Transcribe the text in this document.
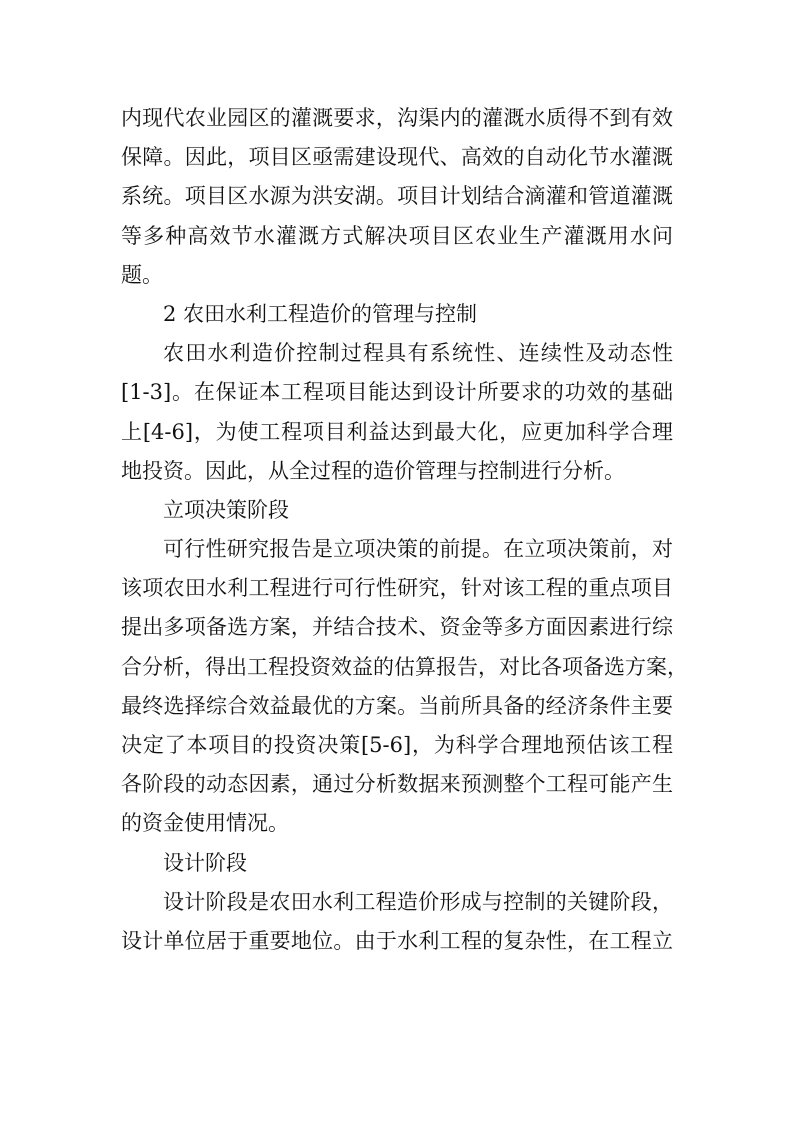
内现代农业园区的灌溉要求，沟渠内的灌溉水质得不到有效
保障。因此，项目区亟需建设现代、高效的自动化节水灌溉
系统。项目区水源为洪安湖。项目计划结合滴灌和管道灌溉
等多种高效节水灌溉方式解决项目区农业生产灌溉用水问
题。
2 农田水利工程造价的管理与控制
农田水利造价控制过程具有系统性、连续性及动态性
[1-3]。在保证本工程项目能达到设计所要求的功效的基础
上[4-6]，为使工程项目利益达到最大化，应更加科学合理
地投资。因此，从全过程的造价管理与控制进行分析。
立项决策阶段
可行性研究报告是立项决策的前提。在立项决策前，对
该项农田水利工程进行可行性研究，针对该工程的重点项目
提出多项备选方案，并结合技术、资金等多方面因素进行综
合分析，得出工程投资效益的估算报告，对比各项备选方案，
最终选择综合效益最优的方案。当前所具备的经济条件主要
决定了本项目的投资决策[5-6]，为科学合理地预估该工程
各阶段的动态因素，通过分析数据来预测整个工程可能产生
的资金使用情况。
设计阶段
设计阶段是农田水利工程造价形成与控制的关键阶段，
设计单位居于重要地位。由于水利工程的复杂性，在工程立
